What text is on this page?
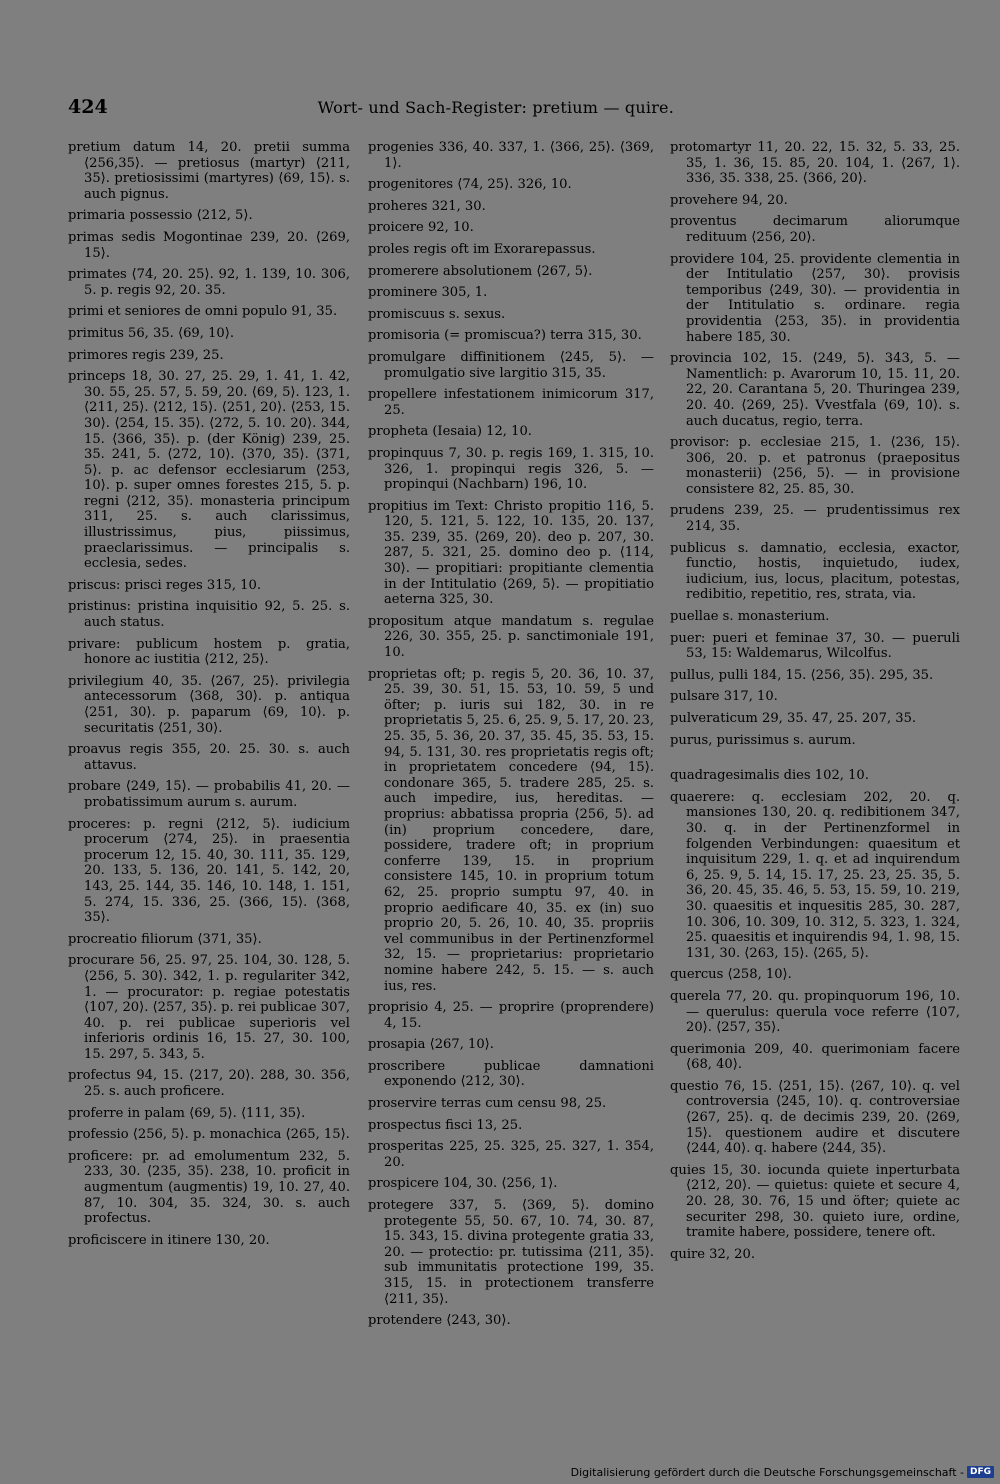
424	Wort- und Sach-Register: pretium — quire.

pretium datum 14, 20. pretii summa ⟨256,35⟩. — pretiosus (martyr) ⟨211, 35⟩. pretiosissimi (martyres) ⟨69, 15⟩. s. auch pignus.

primaria possessio ⟨212, 5⟩.

primas sedis Mogontinae 239, 20. ⟨269, 15⟩.

primates ⟨74, 20. 25⟩. 92, 1. 139, 10. 306, 5. p. regis 92, 20. 35.

primi et seniores de omni populo 91, 35.

primitus 56, 35. ⟨69, 10⟩.

primores regis 239, 25.

princeps 18, 30. 27, 25. 29, 1. 41, 1. 42, 30. 55, 25. 57, 5. 59, 20. ⟨69, 5⟩. 123, 1. ⟨211, 25⟩. ⟨212, 15⟩. ⟨251, 20⟩. ⟨253, 15. 30⟩. ⟨254, 15. 35⟩. ⟨272, 5. 10. 20⟩. 344, 15. ⟨366, 35⟩. p. (der König) 239, 25. 35. 241, 5. ⟨272, 10⟩. ⟨370, 35⟩. ⟨371, 5⟩. p. ac defensor ecclesiarum ⟨253, 10⟩. p. super omnes forestes 215, 5. p. regni ⟨212, 35⟩. monasteria principum 311, 25. s. auch clarissimus, illustrissimus, pius, piissimus, praeclarissimus. — principalis s. ecclesia, sedes.

priscus: prisci reges 315, 10.

pristinus: pristina inquisitio 92, 5. 25. s. auch status.

privare: publicum hostem p. gratia, honore ac iustitia ⟨212, 25⟩.

privilegium 40, 35. ⟨267, 25⟩. privilegia antecessorum ⟨368, 30⟩. p. antiqua ⟨251, 30⟩. p. paparum ⟨69, 10⟩. p. securitatis ⟨251, 30⟩.

proavus regis 355, 20. 25. 30. s. auch attavus.

probare ⟨249, 15⟩. — probabilis 41, 20. — probatissimum aurum s. aurum.

proceres: p. regni ⟨212, 5⟩. iudicium procerum ⟨274, 25⟩. in praesentia procerum 12, 15. 40, 30. 111, 35. 129, 20. 133, 5. 136, 20. 141, 5. 142, 20, 143, 25. 144, 35. 146, 10. 148, 1. 151, 5. 274, 15. 336, 25. ⟨366, 15⟩. ⟨368, 35⟩.

procreatio filiorum ⟨371, 35⟩.

procurare 56, 25. 97, 25. 104, 30. 128, 5. ⟨256, 5. 30⟩. 342, 1. p. regulariter 342, 1. — procurator: p. regiae potestatis ⟨107, 20⟩. ⟨257, 35⟩. p. rei publicae 307, 40. p. rei publicae superioris vel inferioris ordinis 16, 15. 27, 30. 100, 15. 297, 5. 343, 5.

profectus 94, 15. ⟨217, 20⟩. 288, 30. 356, 25. s. auch proficere.

proferre in palam ⟨69, 5⟩. ⟨111, 35⟩.

professio ⟨256, 5⟩. p. monachica ⟨265, 15⟩.

proficere: pr. ad emolumentum 232, 5. 233, 30. ⟨235, 35⟩. 238, 10. proficit in augmentum (augmentis) 19, 10. 27, 40. 87, 10. 304, 35. 324, 30. s. auch profectus.

proficiscere in itinere 130, 20.

progenies 336, 40. 337, 1. ⟨366, 25⟩. ⟨369, 1⟩.

progenitores ⟨74, 25⟩. 326, 10.

proheres 321, 30.

proicere 92, 10.

proles regis oft im Exorarepassus.

promerere absolutionem ⟨267, 5⟩.

prominere 305, 1.

promiscuus s. sexus.

promisoria (= promiscua?) terra 315, 30.

promulgare diffinitionem ⟨245, 5⟩. — promulgatio sive largitio 315, 35.

propellere infestationem inimicorum 317, 25.

propheta (Iesaia) 12, 10.

propinquus 7, 30. p. regis 169, 1. 315, 10. 326, 1. propinqui regis 326, 5. — propinqui (Nachbarn) 196, 10.

propitius im Text: Christo propitio 116, 5. 120, 5. 121, 5. 122, 10. 135, 20. 137, 35. 239, 35. ⟨269, 20⟩. deo p. 207, 30. 287, 5. 321, 25. domino deo p. ⟨114, 30⟩. — propitiari: propitiante clementia in der Intitulatio ⟨269, 5⟩. — propitiatio aeterna 325, 30.

propositum atque mandatum s. regulae 226, 30. 355, 25. p. sanctimoniale 191, 10.

proprietas oft; p. regis 5, 20. 36, 10. 37, 25. 39, 30. 51, 15. 53, 10. 59, 5 und öfter; p. iuris sui 182, 30. in re proprietatis 5, 25. 6, 25. 9, 5. 17, 20. 23, 25. 35, 5. 36, 20. 37, 35. 45, 35. 53, 15. 94, 5. 131, 30. res proprietatis regis oft; in proprietatem concedere ⟨94, 15⟩. condonare 365, 5. tradere 285, 25. s. auch impedire, ius, hereditas. — proprius: abbatissa propria ⟨256, 5⟩. ad (in) proprium concedere, dare, possidere, tradere oft; in proprium conferre 139, 15. in proprium consistere 145, 10. in proprium totum 62, 25. proprio sumptu 97, 40. in proprio aedificare 40, 35. ex (in) suo proprio 20, 5. 26, 10. 40, 35. propriis vel communibus in der Pertinenzformel 32, 15. — proprietarius: proprietario nomine habere 242, 5. 15. — s. auch ius, res.

proprisio 4, 25. — proprire (proprendere) 4, 15.

prosapia ⟨267, 10⟩.

proscribere publicae damnationi exponendo ⟨212, 30⟩.

proservire terras cum censu 98, 25.

prospectus fisci 13, 25.

prosperitas 225, 25. 325, 25. 327, 1. 354, 20.

prospicere 104, 30. ⟨256, 1⟩.

protegere 337, 5. ⟨369, 5⟩. domino protegente 55, 50. 67, 10. 74, 30. 87, 15. 343, 15. divina protegente gratia 33, 20. — protectio: pr. tutissima ⟨211, 35⟩. sub immunitatis protectione 199, 35. 315, 15. in protectionem transferre ⟨211, 35⟩.

protendere ⟨243, 30⟩.

protomartyr 11, 20. 22, 15. 32, 5. 33, 25. 35, 1. 36, 15. 85, 20. 104, 1. ⟨267, 1⟩. 336, 35. 338, 25. ⟨366, 20⟩.

provehere 94, 20.

proventus decimarum aliorumque redituum ⟨256, 20⟩.

providere 104, 25. providente clementia in der Intitulatio ⟨257, 30⟩. provisis temporibus ⟨249, 30⟩. — providentia in der Intitulatio s. ordinare. regia providentia ⟨253, 35⟩. in providentia habere 185, 30.

provincia 102, 15. ⟨249, 5⟩. 343, 5. — Namentlich: p. Avarorum 10, 15. 11, 20. 22, 20. Carantana 5, 20. Thuringea 239, 20. 40. ⟨269, 25⟩. Vvestfala ⟨69, 10⟩. s. auch ducatus, regio, terra.

provisor: p. ecclesiae 215, 1. ⟨236, 15⟩. 306, 20. p. et patronus (praepositus monasterii) ⟨256, 5⟩. — in provisione consistere 82, 25. 85, 30.

prudens 239, 25. — prudentissimus rex 214, 35.

publicus s. damnatio, ecclesia, exactor, functio, hostis, inquietudo, iudex, iudicium, ius, locus, placitum, potestas, redibitio, repetitio, res, strata, via.

puellae s. monasterium.

puer: pueri et feminae 37, 30. — pueruli 53, 15: Waldemarus, Wilcolfus.

pullus, pulli 184, 15. ⟨256, 35⟩. 295, 35.

pulsare 317, 10.

pulveraticum 29, 35. 47, 25. 207, 35.

purus, purissimus s. aurum.

quadragesimalis dies 102, 10.

quaerere: q. ecclesiam 202, 20. q. mansiones 130, 20. q. redibitionem 347, 30. q. in der Pertinenzformel in folgenden Verbindungen: quaesitum et inquisitum 229, 1. q. et ad inquirendum 6, 25. 9, 5. 14, 15. 17, 25. 23, 25. 35, 5. 36, 20. 45, 35. 46, 5. 53, 15. 59, 10. 219, 30. quaesitis et inquesitis 285, 30. 287, 10. 306, 10. 309, 10. 312, 5. 323, 1. 324, 25. quaesitis et inquirendis 94, 1. 98, 15. 131, 30. ⟨263, 15⟩. ⟨265, 5⟩.

quercus ⟨258, 10⟩.

querela 77, 20. qu. propinquorum 196, 10. — querulus: querula voce referre ⟨107, 20⟩. ⟨257, 35⟩.

querimonia 209, 40. querimoniam facere ⟨68, 40⟩.

questio 76, 15. ⟨251, 15⟩. ⟨267, 10⟩. q. vel controversia ⟨245, 10⟩. q. controversiae ⟨267, 25⟩. q. de decimis 239, 20. ⟨269, 15⟩. questionem audire et discutere ⟨244, 40⟩. q. habere ⟨244, 35⟩.

quies 15, 30. iocunda quiete inperturbata ⟨212, 20⟩. — quietus: quiete et secure 4, 20. 28, 30. 76, 15 und öfter; quiete ac securiter 298, 30. quieto iure, ordine, tramite habere, possidere, tenere oft.

quire 32, 20.

Digitalisierung gefördert durch die Deutsche Forschungsgemeinschaft - DFG
